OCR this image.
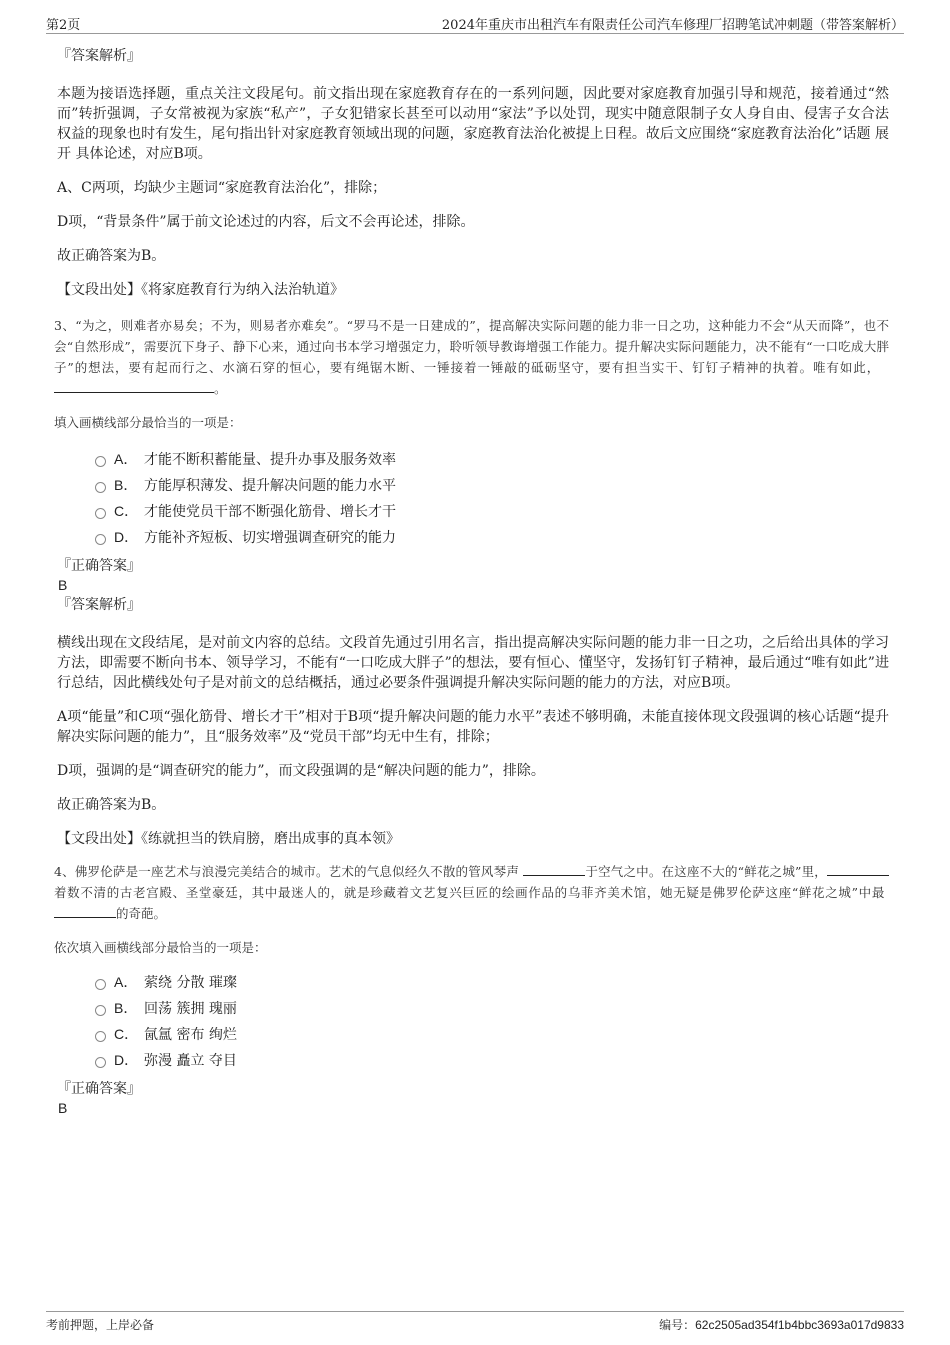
第2页	2024年重庆市出租汽车有限责任公司汽车修理厂招聘笔试冲刺题（带答案解析）

『答案解析』

本题为接语选择题，重点关注文段尾句。前文指出现在家庭教育存在的一系列问题，因此要对家庭教育加强引导和规范，接着通过“然而”转折强调，子女常被视为家族“私产”，子女犯错家长甚至可以动用“家法”予以处罚，现实中随意限制子女人身自由、侵害子女合法权益的现象也时有发生，尾句指出针对家庭教育领域出现的问题，家庭教育法治化被提上日程。故后文应围绕“家庭教育法治化”话题 展开 具体论述，对应B项。

A、C两项，均缺少主题词“家庭教育法治化”，排除；

D项，“背景条件”属于前文论述过的内容，后文不会再论述，排除。

故正确答案为B。

【文段出处】《将家庭教育行为纳入法治轨道》

3、“为之，则难者亦易矣；不为，则易者亦难矣”。“罗马不是一日建成的”，提高解决实际问题的能力非一日之功，这种能力不会“从天而降”，也不会“自然形成”，需要沉下身子、静下心来，通过向书本学习增强定力，聆听领导教诲增强工作能力。提升解决实际问题能力，决不能有“一口吃成大胖子”的想法，要有起而行之、水滴石穿的恒心，要有绳锯木断、一锤接着一锤敲的砥砺坚守，要有担当实干、钉钉子精神的执着。唯有如此，  。

填入画横线部分最恰当的一项是：

A． 才能不断积蓄能量、提升办事及服务效率
B． 方能厚积薄发、提升解决问题的能力水平
C． 才能使党员干部不断强化筋骨、增长才干
D． 方能补齐短板、切实增强调查研究的能力

『正确答案』

B

『答案解析』

横线出现在文段结尾，是对前文内容的总结。文段首先通过引用名言，指出提高解决实际问题的能力非一日之功，之后给出具体的学习方法，即需要不断向书本、领导学习，不能有“一口吃成大胖子”的想法，要有恒心、懂坚守，发扬钉钉子精神，最后通过“唯有如此”进行总结，因此横线处句子是对前文的总结概括，通过必要条件强调提升解决实际问题的能力的方法，对应B项。

A项“能量”和C项“强化筋骨、增长才干”相对于B项“提升解决问题的能力水平”表述不够明确，未能直接体现文段强调的核心话题“提升解决实际问题的能力”，且“服务效率”及“党员干部”均无中生有，排除；

D项，强调的是“调查研究的能力”，而文段强调的是“解决问题的能力”，排除。

故正确答案为B。

【文段出处】《练就担当的铁肩膀，磨出成事的真本领》

4、佛罗伦萨是一座艺术与浪漫完美结合的城市。艺术的气息似经久不散的管风琴声	于空气之中。在这座不大的“鲜花之城”里，着数不清的古老宫殿、圣堂豪廷，其中最迷人的，就是珍藏着文艺复兴巨匠的绘画作品的乌菲齐美术馆，她无疑是佛罗伦萨这座“鲜花之城”中最 的奇葩。

依次填入画横线部分最恰当的一项是：

A． 萦绕 分散 璀璨
B． 回荡 簇拥 瑰丽
C． 氤氲 密布 绚烂
D． 弥漫 矗立 夺目

『正确答案』

B

考前押题，上岸必备	编号：62c2505ad354f1b4bbc3693a017d9833
